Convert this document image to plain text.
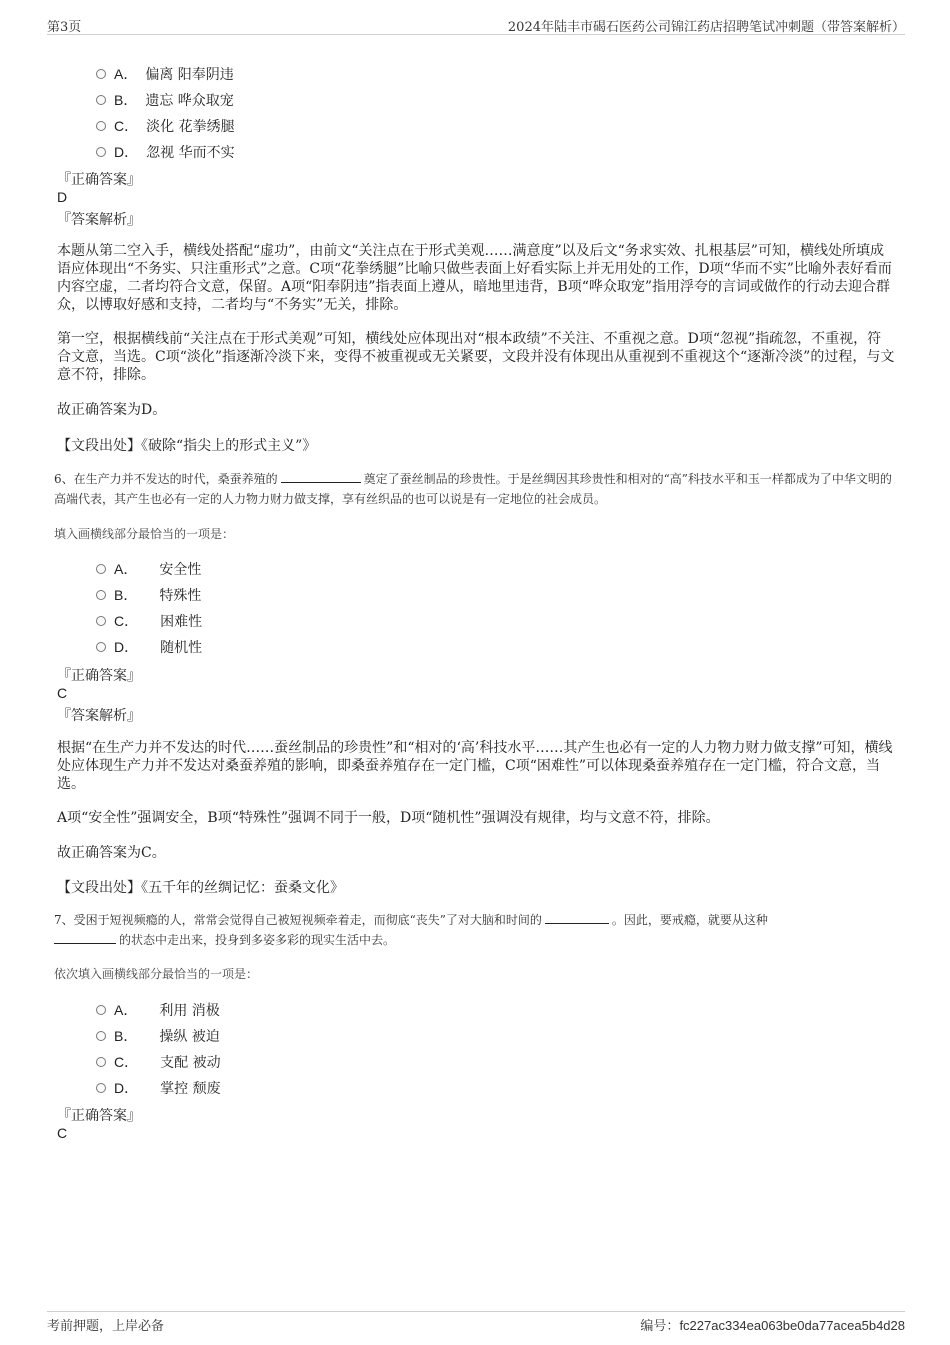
第3页	2024年陆丰市碣石医药公司锦江药店招聘笔试冲刺题（带答案解析）
A． 偏离 阳奉阴违
B． 遗忘 哗众取宠
C． 淡化 花拳绣腿
D． 忽视 华而不实
『正确答案』
D
『答案解析』
本题从第二空入手，横线处搭配“虚功”，由前文“关注点在于形式美观……满意度”以及后文“务求实效、扎根基层”可知，横线处所填成语应体现出“不务实、只注重形式”之意。C项“花拳绣腿”比喻只做些表面上好看实际上并无用处的工作，D项“华而不实”比喻外表好看而内容空虚，二者均符合文意，保留。A项“阳奉阴违”指表面上遵从，暗地里违背，B项“哗众取宠”指用浮夸的言词或做作的行动去迎合群众，以博取好感和支持，二者均与“不务实”无关，排除。
第一空，根据横线前“关注点在于形式美观”可知，横线处应体现出对“根本政绩”不关注、不重视之意。D项“忽视”指疏忽，不重视，符合文意，当选。C项“淡化”指逐渐冷淡下来，变得不被重视或无关紧要，文段并没有体现出从重视到不重视这个“逐渐冷淡”的过程，与文意不符，排除。
故正确答案为D。
【文段出处】《破除“指尖上的形式主义”》
6、在生产力并不发达的时代，桑蚕养殖的	奠定了蚕丝制品的珍贵性。于是丝绸因其珍贵性和相对的“高”科技水平和玉一样都成为了中华文明的高端代表，其产生也必有一定的人力物力财力做支撑，享有丝织品的也可以说是有一定地位的社会成员。
填入画横线部分最恰当的一项是：
A． 安全性
B． 特殊性
C． 困难性
D． 随机性
『正确答案』
C
『答案解析』
根据“在生产力并不发达的时代……蚕丝制品的珍贵性”和“相对的‘高’科技水平……其产生也必有一定的人力物力财力做支撑”可知，横线处应体现生产力并不发达对桑蚕养殖的影响，即桑蚕养殖存在一定门槛，C项“困难性”可以体现桑蚕养殖存在一定门槛，符合文意，当选。
A项“安全性”强调安全，B项“特殊性”强调不同于一般，D项“随机性”强调没有规律，均与文意不符，排除。
故正确答案为C。
【文段出处】《五千年的丝绸记忆：蚕桑文化》
7、受困于短视频瘾的人，常常会觉得自己被短视频牵着走，而彻底“丧失”了对大脑和时间的	。因此，要戒瘾，就要从这种
的状态中走出来，投身到多姿多彩的现实生活中去。
依次填入画横线部分最恰当的一项是：
A． 利用 消极
B． 操纵 被迫
C． 支配 被动
D． 掌控 颓废
『正确答案』
C
考前押题，上岸必备	编号：fc227ac334ea063be0da77acea5b4d28
